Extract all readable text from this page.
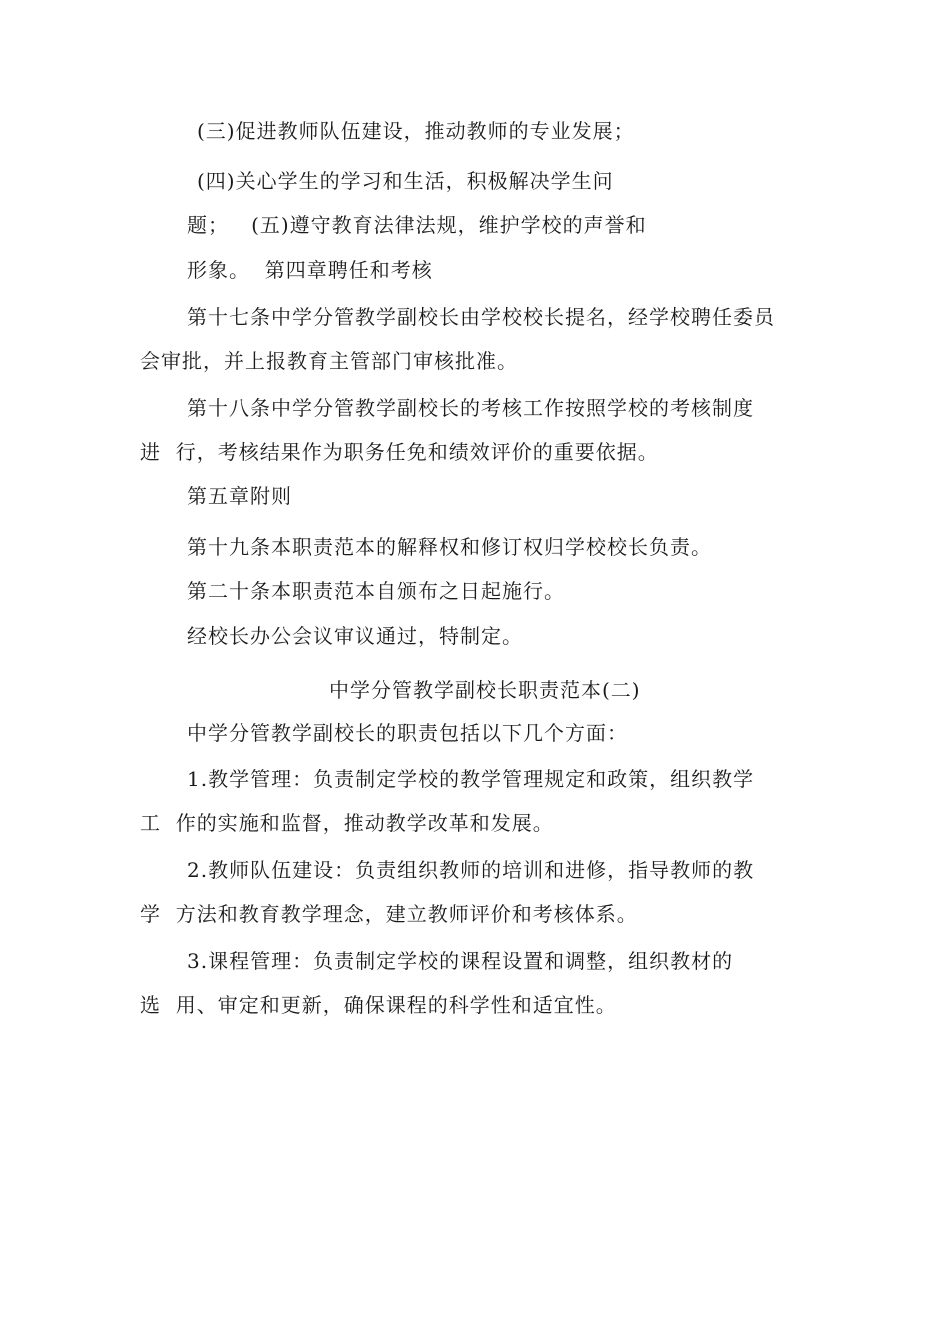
(三)促进教师队伍建设，推动教师的专业发展；
(四)关心学生的学习和生活，积极解决学生问
题；   (五)遵守教育法律法规，维护学校的声誉和
形象。  第四章聘任和考核
第十七条中学分管教学副校长由学校校长提名，经学校聘任委员
会审批，并上报教育主管部门审核批准。
第十八条中学分管教学副校长的考核工作按照学校的考核制度
进  行，考核结果作为职务任免和绩效评价的重要依据。
第五章附则
第十九条本职责范本的解释权和修订权归学校校长负责。
第二十条本职责范本自颁布之日起施行。
经校长办公会议审议通过，特制定。
中学分管教学副校长职责范本(二)
中学分管教学副校长的职责包括以下几个方面：
1.教学管理：负责制定学校的教学管理规定和政策，组织教学
工  作的实施和监督，推动教学改革和发展。
2.教师队伍建设：负责组织教师的培训和进修，指导教师的教
学  方法和教育教学理念，建立教师评价和考核体系。
3.课程管理：负责制定学校的课程设置和调整，组织教材的
选  用、审定和更新，确保课程的科学性和适宜性。
